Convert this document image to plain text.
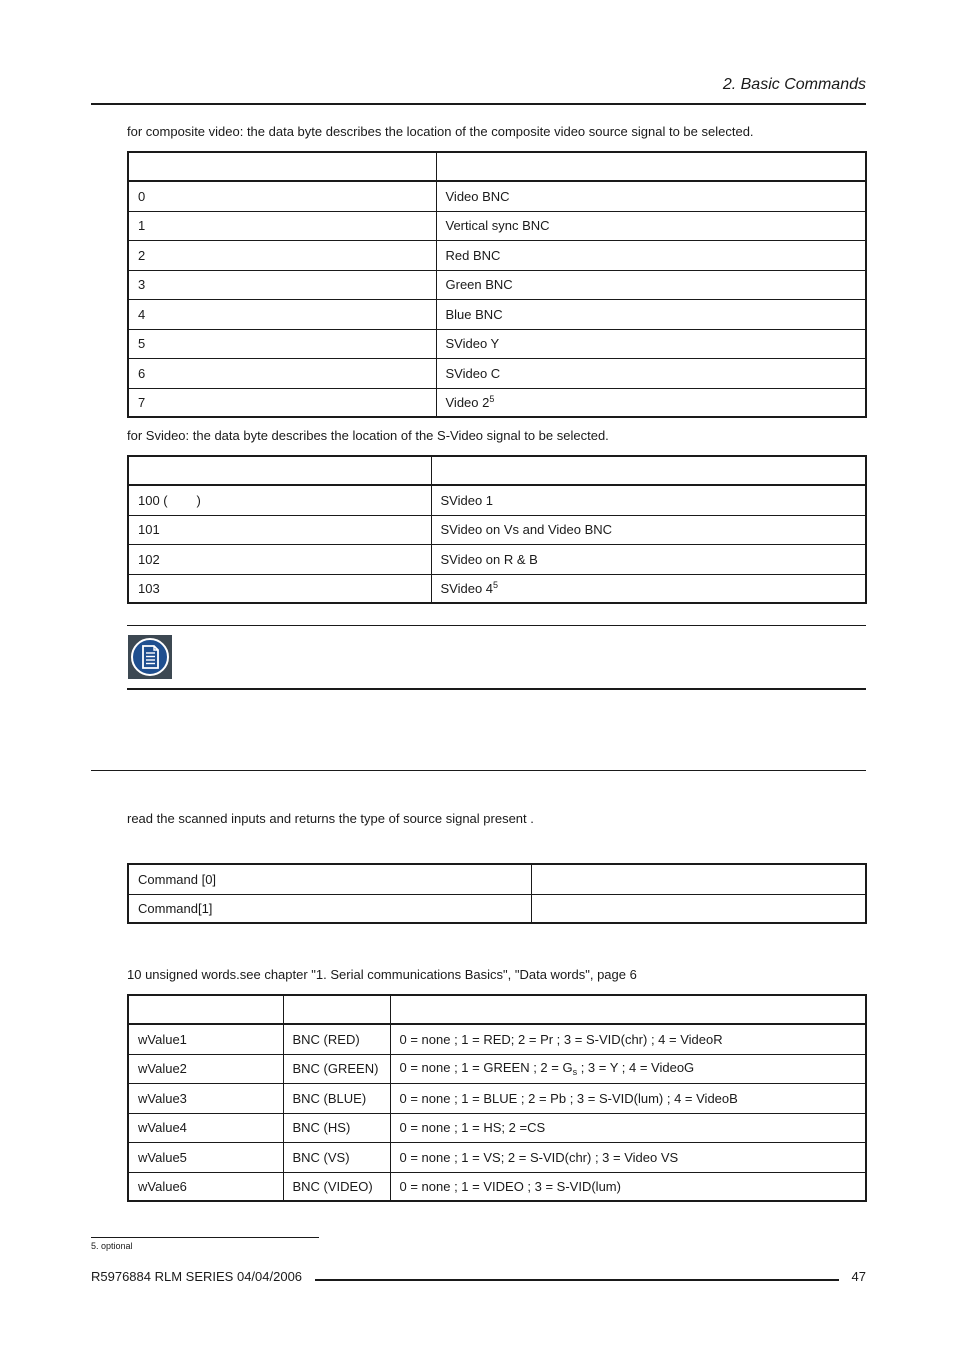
2. Basic Commands

for composite video: the data byte describes the location of the composite video source signal to be selected.

0	Video BNC
1	Vertical sync BNC
2	Red BNC
3	Green BNC
4	Blue BNC
5	SVideo Y
6	SVideo C
7	Video $2^5$

for Svideo: the data byte describes the location of the S-Video signal to be selected.

100 (        )	SVideo 1
101	SVideo on Vs and Video BNC
102	SVideo on R & B
103	SVideo $4^5$

read the scanned inputs and returns the type of source signal present .

Command [0]	
Command[1]	

10 unsigned words.see chapter "1. Serial communications Basics", "Data words", page 6

wValue1	BNC (RED)	0 = none ; 1 = RED; 2 = Pr ; 3 = S-VID(chr) ; 4 = VideoR
wValue2	BNC (GREEN)	0 = none ; 1 = GREEN ; $2 = G_s$ ; 3 = Y ; 4 = VideoG
wValue3	BNC (BLUE)	0 = none ; 1 = BLUE ; 2 = Pb ; 3 = S-VID(lum) ; 4 = VideoB
wValue4	BNC (HS)	0 = none ; 1 = HS; 2 =CS
wValue5	BNC (VS)	0 = none ; 1 = VS; 2 = S-VID(chr) ; 3 = Video VS
wValue6	BNC (VIDEO)	0 = none ; 1 = VIDEO ; 3 = S-VID(lum)
5. optional
R5976884 RLM SERIES 04/04/2006	47
